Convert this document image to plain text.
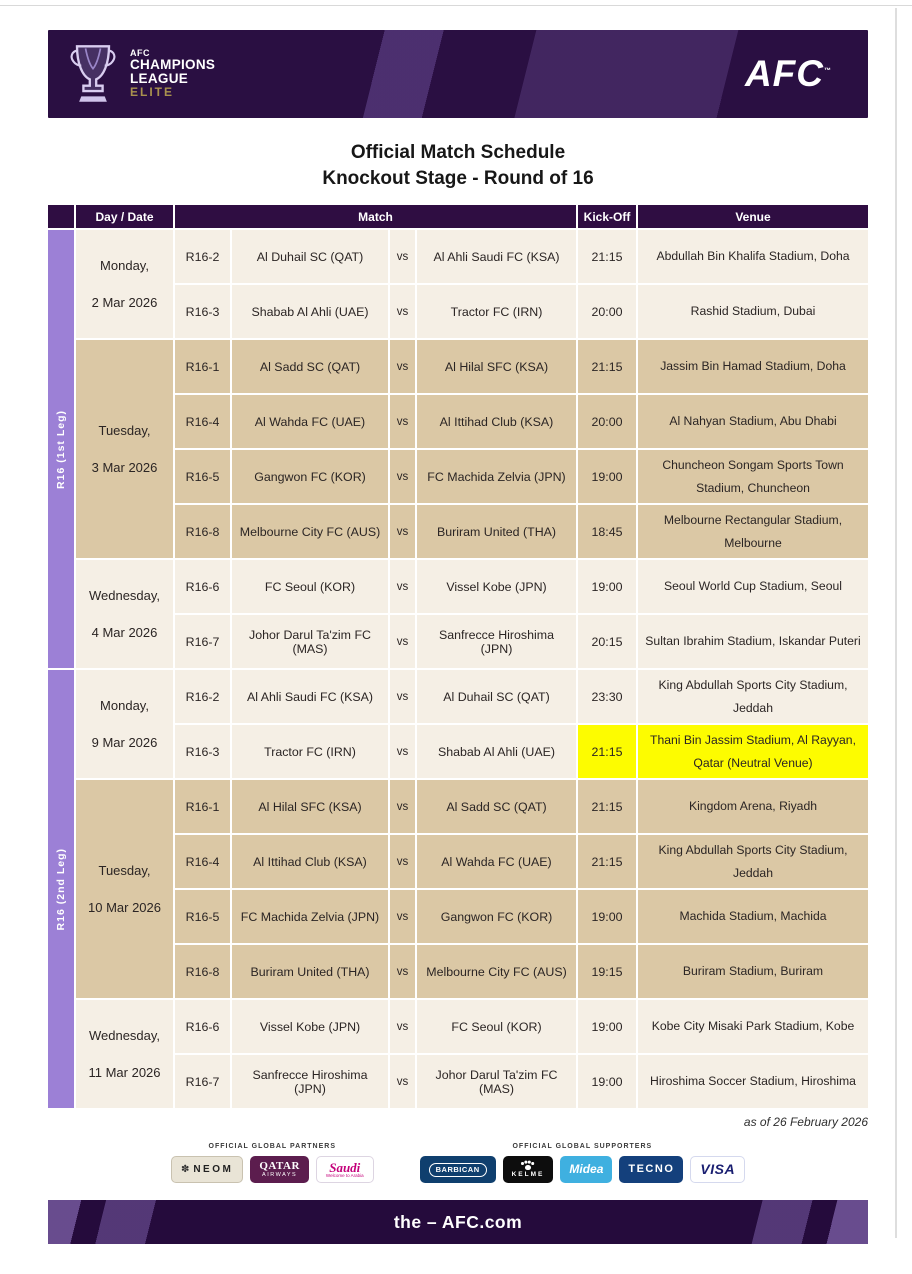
AFC
CHAMPIONS
LEAGUE
ELITE	AFC™
Official Match Schedule
Knockout Stage - Round of 16
Day / Date	Match	Kick-Off	Venue
R16 (1st Leg)
Monday,
2 Mar 2026
R16-2	Al Duhail SC (QAT)	vs	Al Ahli Saudi FC (KSA)	21:15	Abdullah Bin Khalifa Stadium, Doha
R16-3	Shabab Al Ahli (UAE)	vs	Tractor FC (IRN)	20:00	Rashid Stadium, Dubai
Tuesday,
3 Mar 2026
R16-1	Al Sadd SC (QAT)	vs	Al Hilal SFC (KSA)	21:15	Jassim Bin Hamad Stadium, Doha
R16-4	Al Wahda FC (UAE)	vs	Al Ittihad Club (KSA)	20:00	Al Nahyan Stadium, Abu Dhabi
R16-5	Gangwon FC (KOR)	vs	FC Machida Zelvia (JPN)	19:00
Chuncheon Songam Sports Town Stadium, Chuncheon
R16-8	Melbourne City FC (AUS)	vs	Buriram United (THA)	18:45
Melbourne Rectangular Stadium, Melbourne
Wednesday,
4 Mar 2026
R16-6	FC Seoul (KOR)	vs	Vissel Kobe (JPN)	19:00	Seoul World Cup Stadium, Seoul
R16-7	Johor Darul Ta'zim FC (MAS)	vs	Sanfrecce Hiroshima (JPN)	20:15	Sultan Ibrahim Stadium, Iskandar Puteri
R16 (2nd Leg)
Monday,
9 Mar 2026
R16-2	Al Ahli Saudi FC (KSA)	vs	Al Duhail SC (QAT)	23:30
King Abdullah Sports City Stadium, Jeddah
R16-3	Tractor FC (IRN)	vs	Shabab Al Ahli (UAE)	21:15
Thani Bin Jassim Stadium, Al Rayyan, Qatar (Neutral Venue)
Tuesday,
10 Mar 2026
R16-1	Al Hilal SFC (KSA)	vs	Al Sadd SC (QAT)	21:15	Kingdom Arena, Riyadh
R16-4	Al Ittihad Club (KSA)	vs	Al Wahda FC (UAE)	21:15
King Abdullah Sports City Stadium, Jeddah
R16-5	FC Machida Zelvia (JPN)	vs	Gangwon FC (KOR)	19:00	Machida Stadium, Machida
R16-8	Buriram United (THA)	vs	Melbourne City FC (AUS)	19:15	Buriram Stadium, Buriram
Wednesday,
11 Mar 2026
R16-6	Vissel Kobe (JPN)	vs	FC Seoul (KOR)	19:00	Kobe City Misaki Park Stadium, Kobe
R16-7	Sanfrecce Hiroshima (JPN)	vs	Johor Darul Ta'zim FC (MAS)	19:00	Hiroshima Soccer Stadium, Hiroshima
as of 26 February 2026
OFFICIAL GLOBAL PARTNERS
✽ NEOM QATAR
AIRWAYS
Saudi
Welcome to Arabia
OFFICIAL GLOBAL SUPPORTERS
BARBICAN
KELME Midea TECNO VISA
the – AFC.com
